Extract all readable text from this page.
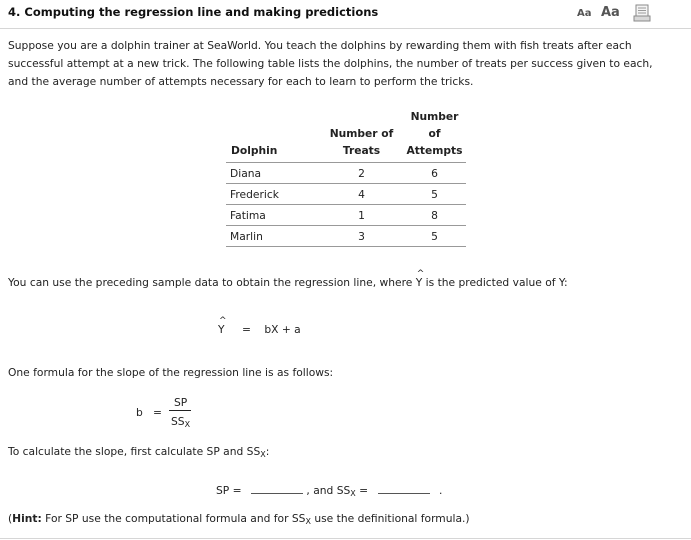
4. Computing the regression line and making predictions	Aa Aa
Suppose you are a dolphin trainer at SeaWorld. You teach the dolphins by rewarding them with fish treats after each successful attempt at a new trick. The following table lists the dolphins, the number of treats per success given to each, and the average number of attempts necessary for each to learn to perform the tricks.
	Number of	Number of
Dolphin	Treats	Attempts
Diana	2	6
Frederick	4	5
Fatima	1	8
Marlin	3	5
You can use the preceding sample data to obtain the regression line, where ^ Y is the predicted value of Y:
^ Y = bX + a
One formula for the slope of the regression line is as follows:
b =
SP
$SS_X$
To calculate the slope, first calculate SP and $SS_X$:
SP =	, and $SS_X$ =	.
(Hint: For SP use the computational formula and for $SS_X$ use the definitional formula.)
